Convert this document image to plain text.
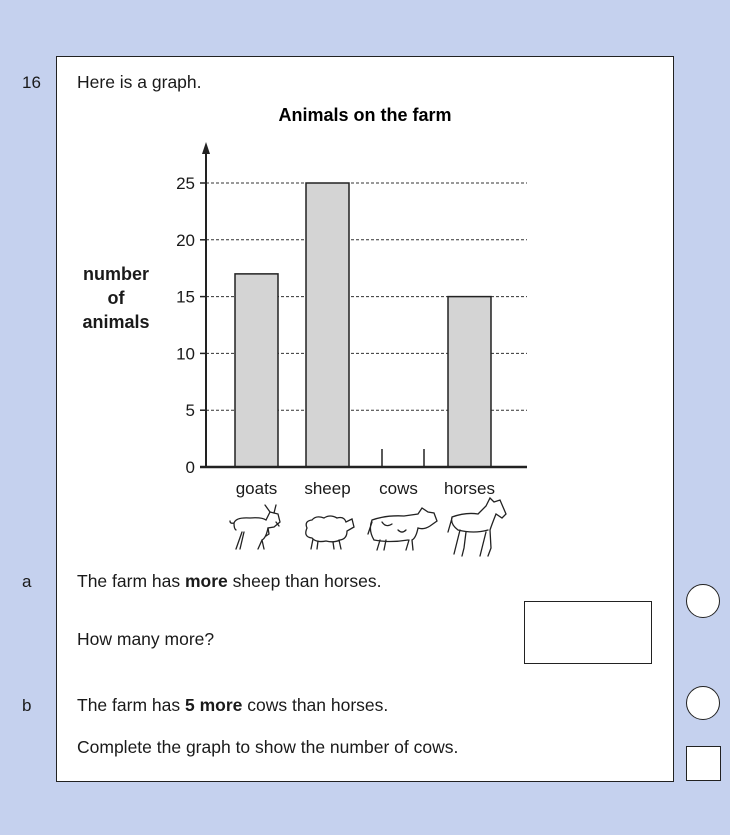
16 Here is a graph.
Animals on the farm
0
5
10
15
20
25
goats sheep cows horses
number
of
animals
a	The farm has more sheep than horses.
How many more?
b	The farm has 5 more cows than horses.
Complete the graph to show the number of cows.
